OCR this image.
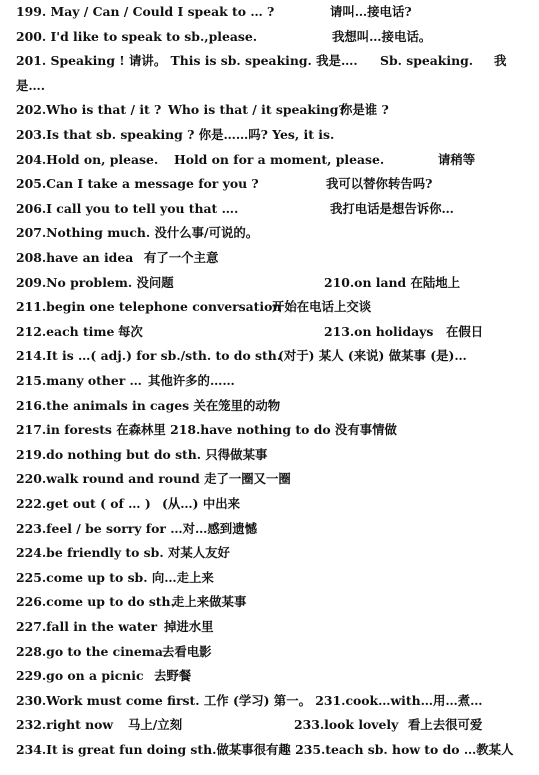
199. May / Can / Could I speak to … ?	请叫…接电话?
200. I'd like to speak to sb.,please.	我想叫…接电话。
201. Speaking ! 请讲。 This is sb. speaking. 我是…. Sb. speaking. 我
是….
202.Who is that / it ? Who is that / it speaking?
你是谁 ?
203.Is that sb. speaking ? 你是……吗? Yes, it is.
204.Hold on, please. Hold on for a moment, please.	请稍等
205.Can I take a message for you ?	我可以替你转告吗?
206.I call you to tell you that ….	我打电话是想告诉你…
207.Nothing much. 没什么事/可说的。
208.have an idea 有了一个主意
209.No problem. 没问题	210.on land 在陆地上
211.begin one telephone conversation
开始在电话上交谈
212.each time 每次	213.on holidays 在假日
214.It is …( adj.) for sb./sth. to do sth.
(对于) 某人 (来说) 做某事 (是)…
215.many other … 其他许多的……
216.the animals in cages 关在笼里的动物
217.in forests 在森林里 218.have nothing to do 没有事情做
219.do nothing but do sth. 只得做某事
220.walk round and round 走了一圈又一圈
222.get out ( of … ) (从…) 中出来
223.feel / be sorry for …对…感到遗憾
224.be friendly to sb. 对某人友好
225.come up to sb. 向…走上来
226.come up to do sth.
走上来做某事
227.fall in the water 掉进水里
228.go to the cinema 去看电影
229.go on a picnic 去野餐
230.Work must come first. 工作 (学习) 第一。 231.cook…with…用…煮…
232.right now 马上/立刻	233.look lovely 看上去很可爱
234.It is great fun doing sth.做某事很有趣 235.teach sb. how to do …教某人
